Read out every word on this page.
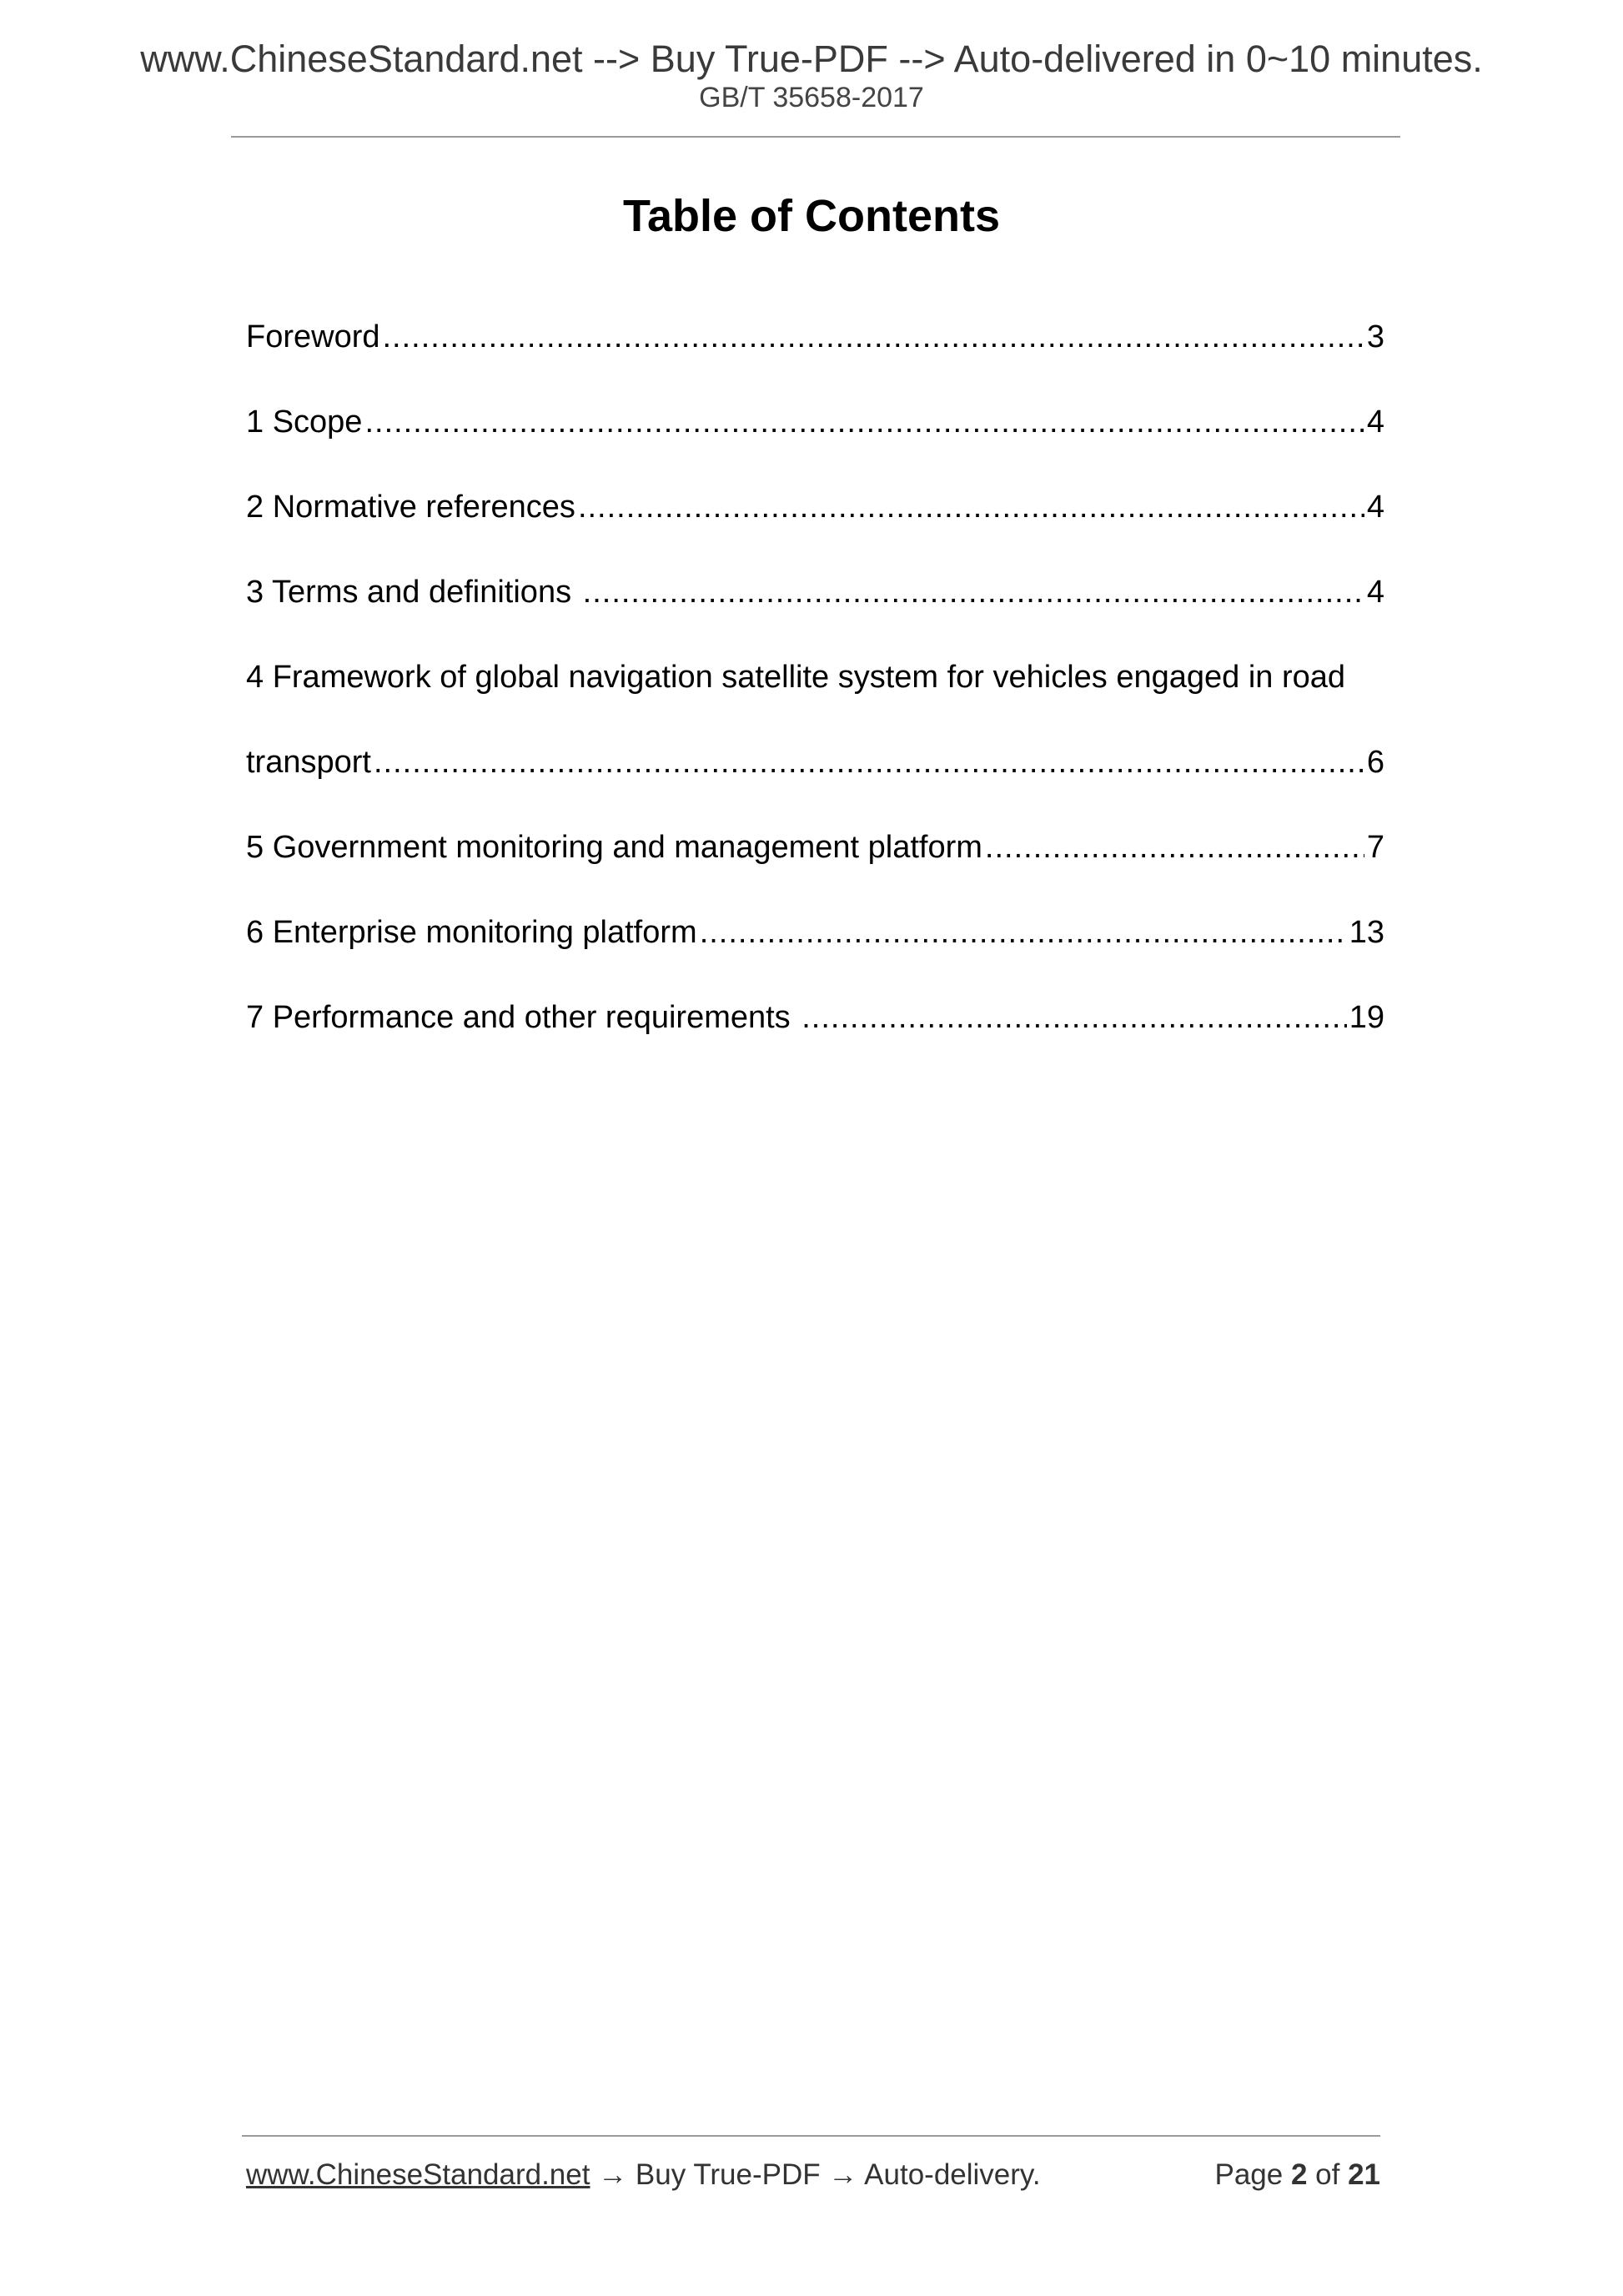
www.ChineseStandard.net --> Buy True-PDF --> Auto-delivered in 0~10 minutes.
GB/T 35658-2017
Table of Contents
Foreword .....	3
1 Scope .....	4
2 Normative references .....	4
3 Terms and definitions .....	4
4 Framework of global navigation satellite system for vehicles engaged in road
transport .....	6
5 Government monitoring and management platform .....	7
6 Enterprise monitoring platform .....	13
7 Performance and other requirements .....	19
www.ChineseStandard.net → Buy True-PDF → Auto-delivery.	Page 2 of 21
